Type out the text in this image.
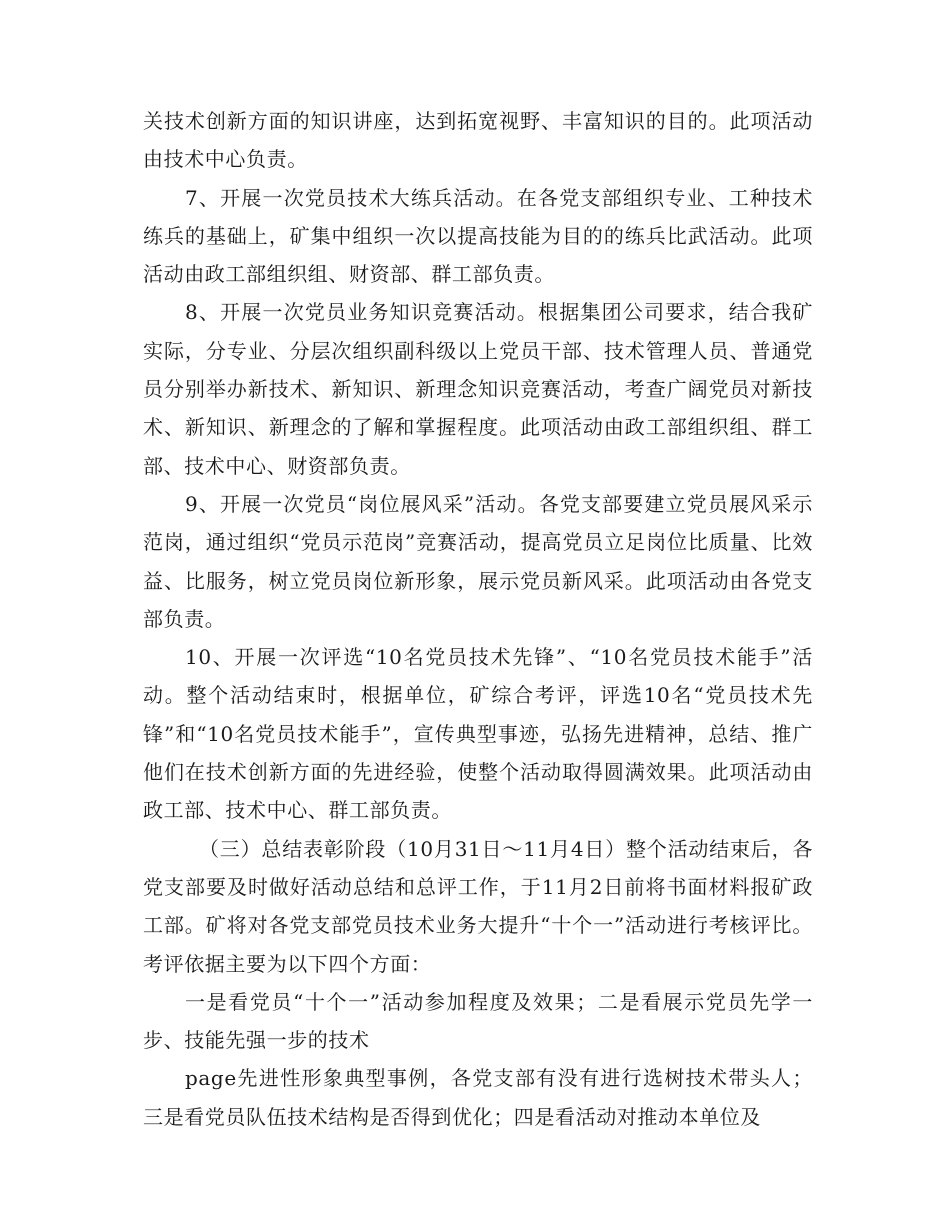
关技术创新方面的知识讲座，达到拓宽视野、丰富知识的目的。此项活动由技术中心负责。

7、开展一次党员技术大练兵活动。在各党支部组织专业、工种技术练兵的基础上，矿集中组织一次以提高技能为目的的练兵比武活动。此项活动由政工部组织组、财资部、群工部负责。

8、开展一次党员业务知识竞赛活动。根据集团公司要求，结合我矿实际，分专业、分层次组织副科级以上党员干部、技术管理人员、普通党员分别举办新技术、新知识、新理念知识竞赛活动，考查广阔党员对新技术、新知识、新理念的了解和掌握程度。此项活动由政工部组织组、群工部、技术中心、财资部负责。

9、开展一次党员“岗位展风采”活动。各党支部要建立党员展风采示范岗，通过组织“党员示范岗”竞赛活动，提高党员立足岗位比质量、比效益、比服务，树立党员岗位新形象，展示党员新风采。此项活动由各党支部负责。

10、开展一次评选“10名党员技术先锋”、“10名党员技术能手”活动。整个活动结束时，根据单位，矿综合考评，评选10名“党员技术先锋”和“10名党员技术能手”，宣传典型事迹，弘扬先进精神，总结、推广他们在技术创新方面的先进经验，使整个活动取得圆满效果。此项活动由政工部、技术中心、群工部负责。

（三）总结表彰阶段（10月31日～11月4日）整个活动结束后，各党支部要及时做好活动总结和总评工作，于11月2日前将书面材料报矿政工部。矿将对各党支部党员技术业务大提升“十个一”活动进行考核评比。考评依据主要为以下四个方面：

一是看党员“十个一”活动参加程度及效果；二是看展示党员先学一步、技能先强一步的技术

page先进性形象典型事例，各党支部有没有进行选树技术带头人；三是看党员队伍技术结构是否得到优化；四是看活动对推动本单位及
